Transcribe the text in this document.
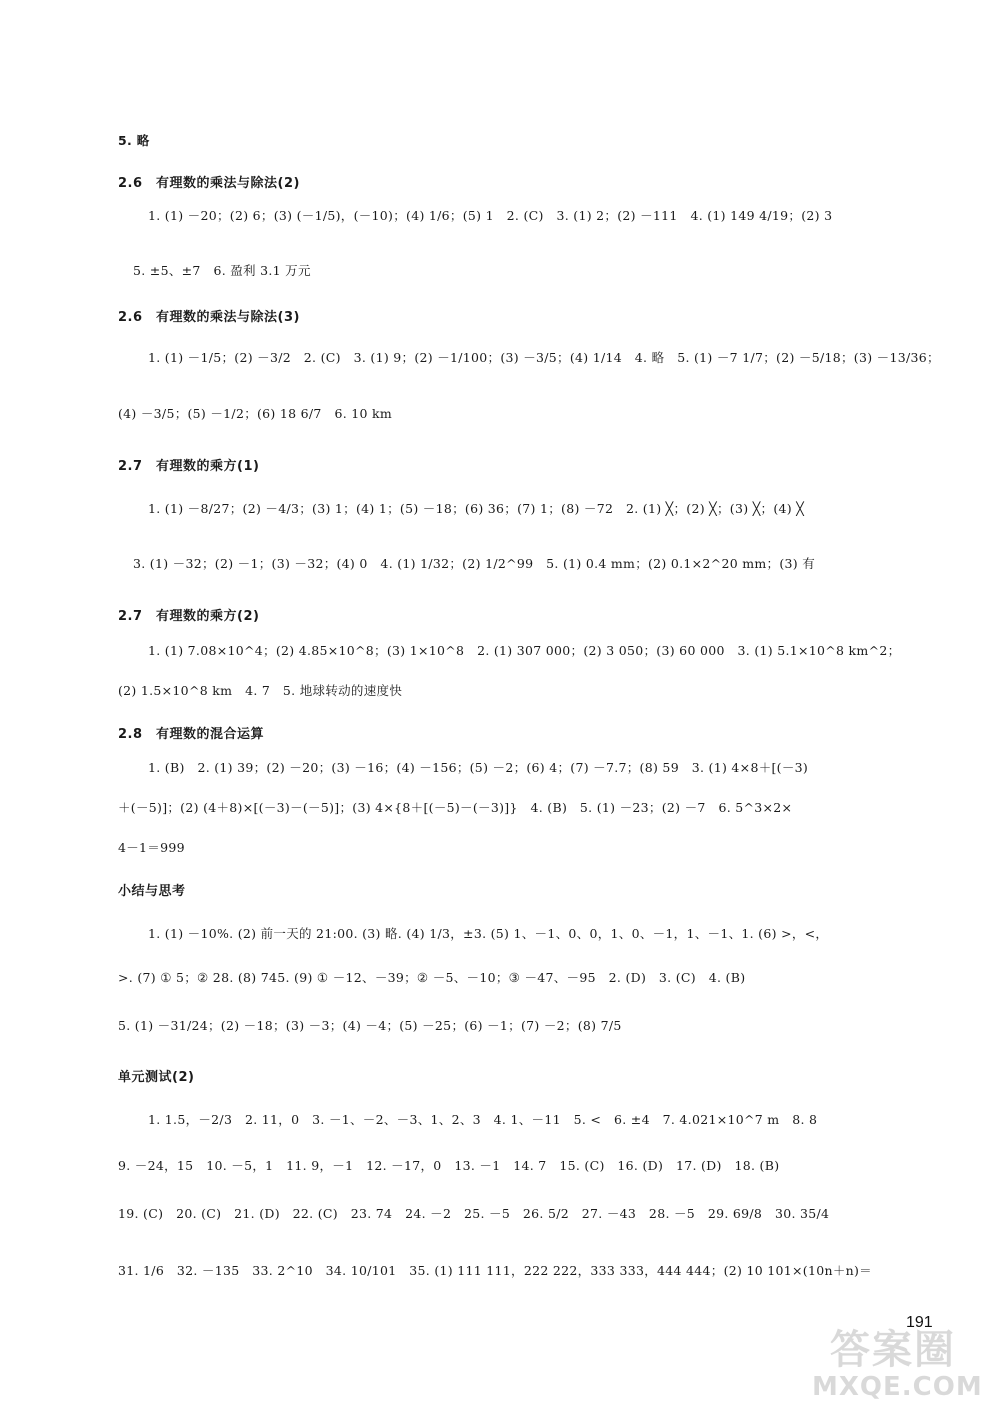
5. 略
2.6　有理数的乘法与除法(2)
1. (1) －20；(2) 6；(3) (－1/5)，(－10)；(4) 1/6；(5) 1　2. (C)　3. (1) 2；(2) －111　4. (1) 149 4/19；(2) 3
5. ±5、±7　6. 盈利 3.1 万元
2.6　有理数的乘法与除法(3)
1. (1) －1/5；(2) －3/2　2. (C)　3. (1) 9；(2) －1/100；(3) －3/5；(4) 1/14　4. 略　5. (1) －7 1/7；(2) －5/18；(3) －13/36；
(4) －3/5；(5) －1/2；(6) 18 6/7　6. 10 km
2.7　有理数的乘方(1)
1. (1) －8/27；(2) －4/3；(3) 1；(4) 1；(5) －18；(6) 36；(7) 1；(8) －72　2. (1) ╳；(2) ╳；(3) ╳；(4) ╳
3. (1) －32；(2) －1；(3) －32；(4) 0　4. (1) 1/32；(2) 1/2^99　5. (1) 0.4 mm；(2) 0.1×2^20 mm；(3) 有
2.7　有理数的乘方(2)
1. (1) 7.08×10^4；(2) 4.85×10^8；(3) 1×10^8　2. (1) 307 000；(2) 3 050；(3) 60 000　3. (1) 5.1×10^8 km^2；
(2) 1.5×10^8 km　4. 7　5. 地球转动的速度快
2.8　有理数的混合运算
1. (B)　2. (1) 39；(2) －20；(3) －16；(4) －156；(5) －2；(6) 4；(7) －7.7；(8) 59　3. (1) 4×8＋[(－3)
＋(－5)]；(2) (4＋8)×[(－3)－(－5)]；(3) 4×{8＋[(－5)－(－3)]}　4. (B)　5. (1) －23；(2) －7　6. 5^3×2×
4－1＝999
小结与思考
1. (1) －10%. (2) 前一天的 21:00. (3) 略. (4) 1/3，±3. (5) 1、－1、0、0，1、0、－1，1、－1、1. (6) >，<，
>. (7) ① 5；② 28. (8) 745. (9) ① －12、－39；② －5、－10；③ －47、－95　2. (D)　3. (C)　4. (B)
5. (1) －31/24；(2) －18；(3) －3；(4) －4；(5) －25；(6) －1；(7) －2；(8) 7/5
单元测试(2)
1. 1.5，－2/3　2. 11，0　3. －1、－2、－3、1、2、3　4. 1、－11　5. <　6. ±4　7. 4.021×10^7 m　8. 8
9. －24，15　10. －5，1　11. 9，－1　12. －17，0　13. －1　14. 7　15. (C)　16. (D)　17. (D)　18. (B)
19. (C)　20. (C)　21. (D)　22. (C)　23. 74　24. －2　25. －5　26. 5/2　27. －43　28. －5　29. 69/8　30. 35/4
31. 1/6　32. －135　33. 2^10　34. 10/101　35. (1) 111 111，222 222，333 333，444 444；(2) 10 101×(10n＋n)＝
191
答案圈
MXQE.COM
